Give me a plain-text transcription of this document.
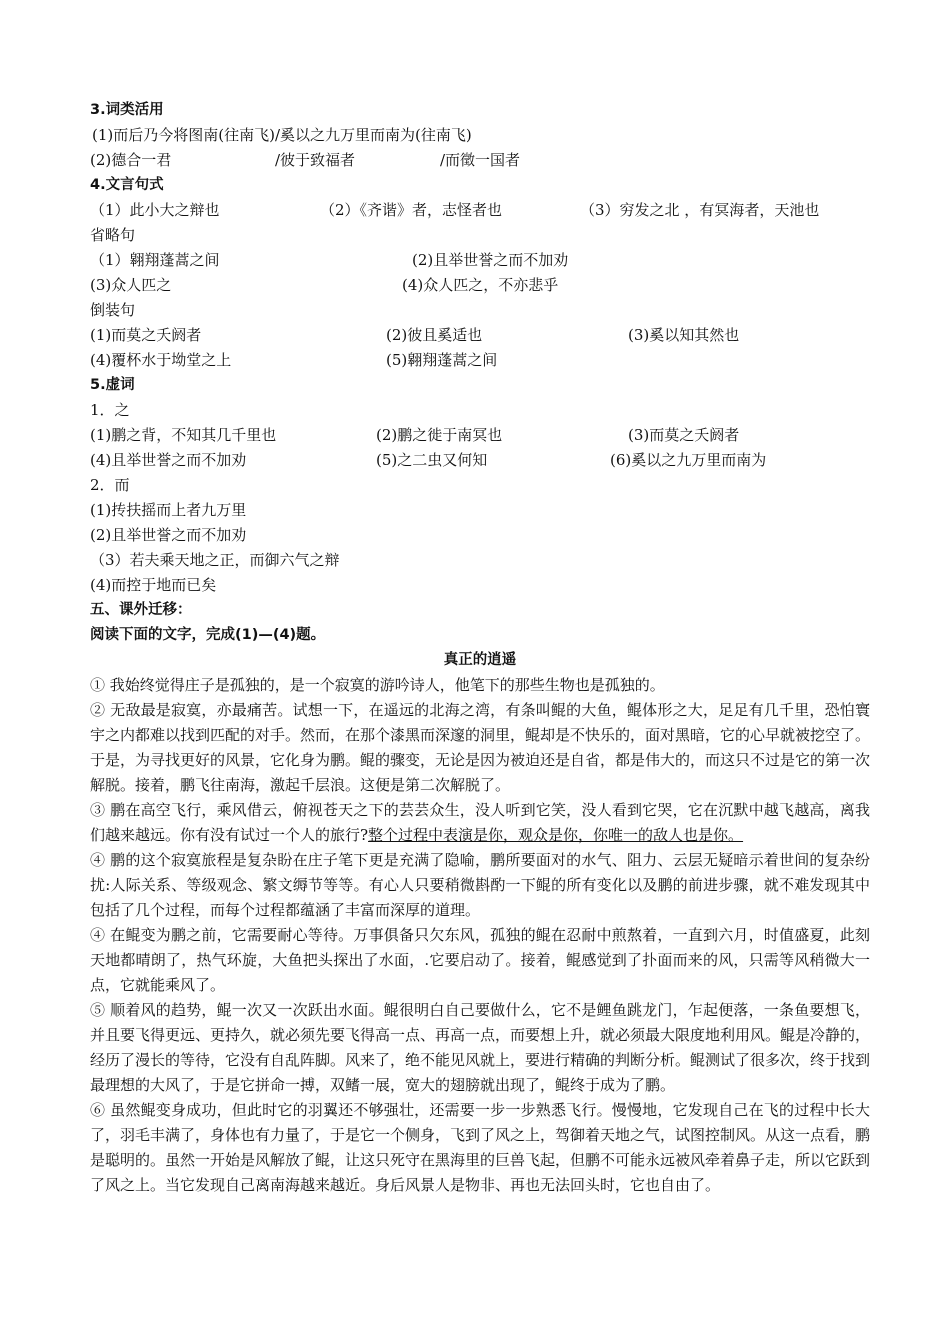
3.词类活用
(1)而后乃今将图南(往南飞)/奚以之九万里而南为(往南飞)
(2)德合一君	/彼于致福者	/而徵一国者
4.文言句式
（1）此小大之辩也	（2）《齐谐》者，志怪者也	（3）穷发之北 ，有冥海者，天池也
省略句
（1）翱翔蓬蒿之间	(2)且举世誉之而不加劝
(3)众人匹之	(4)众人匹之，不亦悲乎
倒装句
(1)而莫之夭阏者	(2)彼且奚适也	(3)奚以知其然也
(4)覆杯水于坳堂之上	(5)翱翔蓬蒿之间
5.虚词
1．之
(1)鹏之背，不知其几千里也	(2)鹏之徙于南冥也	(3)而莫之夭阏者
(4)且举世誉之而不加劝	(5)之二虫又何知	(6)奚以之九万里而南为
2．而
(1)抟扶摇而上者九万里
(2)且举世誉之而不加劝
（3）若夫乘天地之正，而御六气之辩
(4)而控于地而已矣
五、课外迁移：
阅读下面的文字，完成(1)—(4)题。
真正的逍遥
① 我始终觉得庄子是孤独的，是一个寂寞的游吟诗人，他笔下的那些生物也是孤独的。
② 无敌最是寂寞，亦最痛苦。试想一下，在遥远的北海之湾，有条叫鲲的大鱼，鲲体形之大，足足有几千里，恐怕寰宇之内都难以找到匹配的对手。然而，在那个漆黑而深邃的洞里，鲲却是不快乐的，面对黑暗，它的心早就被挖空了。于是，为寻找更好的风景，它化身为鹏。鲲的骤变，无论是因为被迫还是自省，都是伟大的，而这只不过是它的第一次解脱。接着，鹏飞往南海，激起千层浪。这便是第二次解脱了。
③ 鹏在高空飞行，乘风借云，俯视苍天之下的芸芸众生，没人听到它笑，没人看到它哭，它在沉默中越飞越高，离我们越来越远。你有没有试过一个人的旅行?整个过程中表演是你，观众是你，你唯一的敌人也是你。
④ 鹏的这个寂寞旅程是复杂盼在庄子笔下更是充满了隐喻，鹏所要面对的水气、阻力、云层无疑暗示着世间的复杂纷扰:人际关系、等级观念、繁文缛节等等。有心人只要稍微斟酌一下鲲的所有变化以及鹏的前进步骤，就不难发现其中包括了几个过程，而每个过程都蕴涵了丰富而深厚的道理。
④ 在鲲变为鹏之前，它需要耐心等待。万事俱备只欠东风，孤独的鲲在忍耐中煎熬着，一直到六月，时值盛夏，此刻天地都晴朗了，热气环旋，大鱼把头探出了水面，.它要启动了。接着，鲲感觉到了扑面而来的风，只需等风稍微大一点，它就能乘风了。
⑤ 顺着风的趋势，鲲一次又一次跃出水面。鲲很明白自己要做什么，它不是鲤鱼跳龙门，乍起便落，一条鱼要想飞，并且要飞得更远、更持久，就必须先要飞得高一点、再高一点，而要想上升，就必须最大限度地利用风。鲲是冷静的，经历了漫长的等待，它没有自乱阵脚。风来了，绝不能见风就上，要进行精确的判断分析。鲲测试了很多次，终于找到最理想的大风了，于是它拼命一搏，双鳍一展，宽大的翅膀就出现了，鲲终于成为了鹏。
⑥ 虽然鲲变身成功，但此时它的羽翼还不够强壮，还需要一步一步熟悉飞行。慢慢地，它发现自己在飞的过程中长大了，羽毛丰满了，身体也有力量了，于是它一个侧身，飞到了风之上，驾御着天地之气，试图控制风。从这一点看，鹏是聪明的。虽然一开始是风解放了鲲，让这只死守在黑海里的巨兽飞起，但鹏不可能永远被风牵着鼻子走，所以它跃到了风之上。当它发现自己离南海越来越近。身后风景人是物非、再也无法回头时，它也自由了。
